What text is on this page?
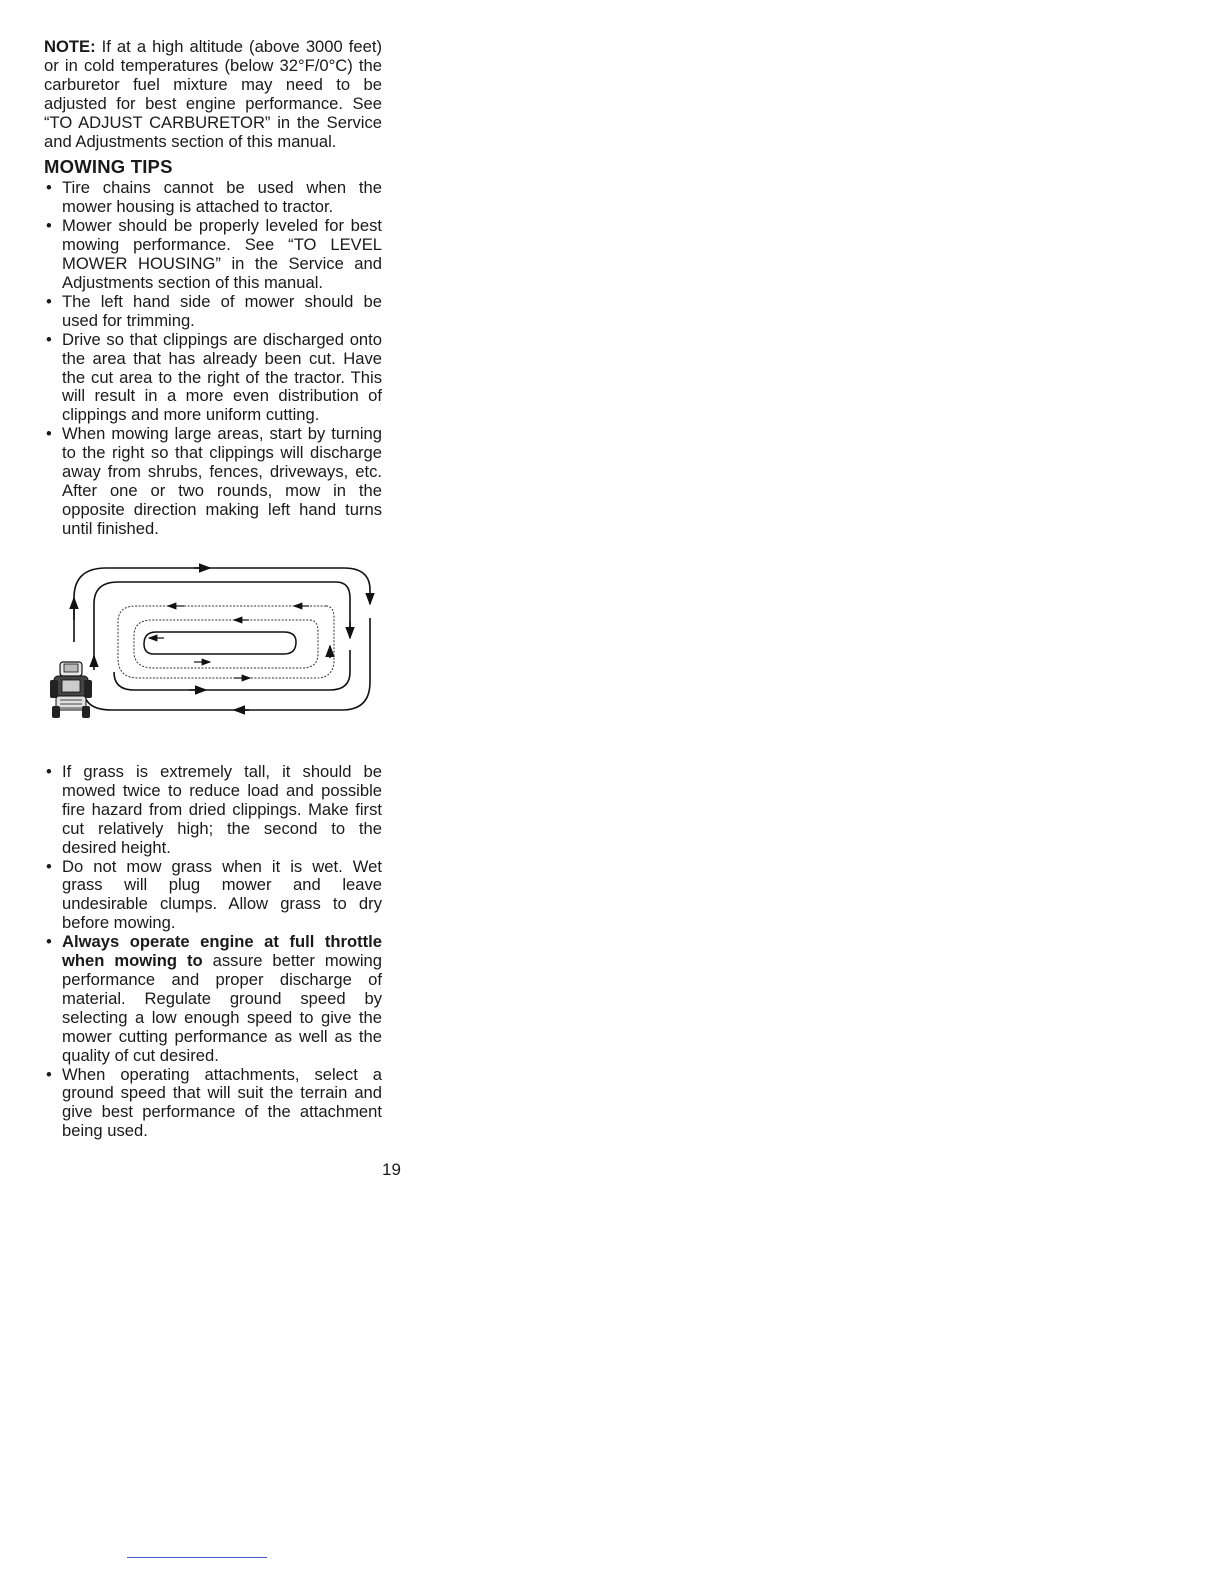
NOTE: If at a high altitude (above 3000 feet) or in cold temperatures (below 32°F/0°C) the carburetor fuel mixture may need to be adjusted for best engine performance. See “TO ADJUST CARBURETOR” in the Service and Adjustments section of this manual.

MOWING TIPS
• Tire chains cannot be used when the mower housing is attached to tractor.
• Mower should be properly leveled for best mowing performance. See “TO LEVEL MOWER HOUSING” in the Service and Adjustments section of this manual.
• The left hand side of mower should be used for trimming.
• Drive so that clippings are discharged onto the area that has already been cut. Have the cut area to the right of the tractor. This will result in a more even distribution of clippings and more uniform cutting.
• When mowing large areas, start by turning to the right so that clippings will discharge away from shrubs, fences, driveways, etc. After one or two rounds, mow in the opposite direction making left hand turns until finished.
• If grass is extremely tall, it should be mowed twice to reduce load and possible fire hazard from dried clippings. Make first cut relatively high; the second to the desired height.
• Do not mow grass when it is wet. Wet grass will plug mower and leave undesirable clumps. Allow grass to dry before mowing.
• Always operate engine at full throttle when mowing to assure better mowing performance and proper discharge of material. Regulate ground speed by selecting a low enough speed to give the mower cutting performance as well as the quality of cut desired.
• When operating attachments, select a ground speed that will suit the terrain and give best performance of the attachment being used.
19
